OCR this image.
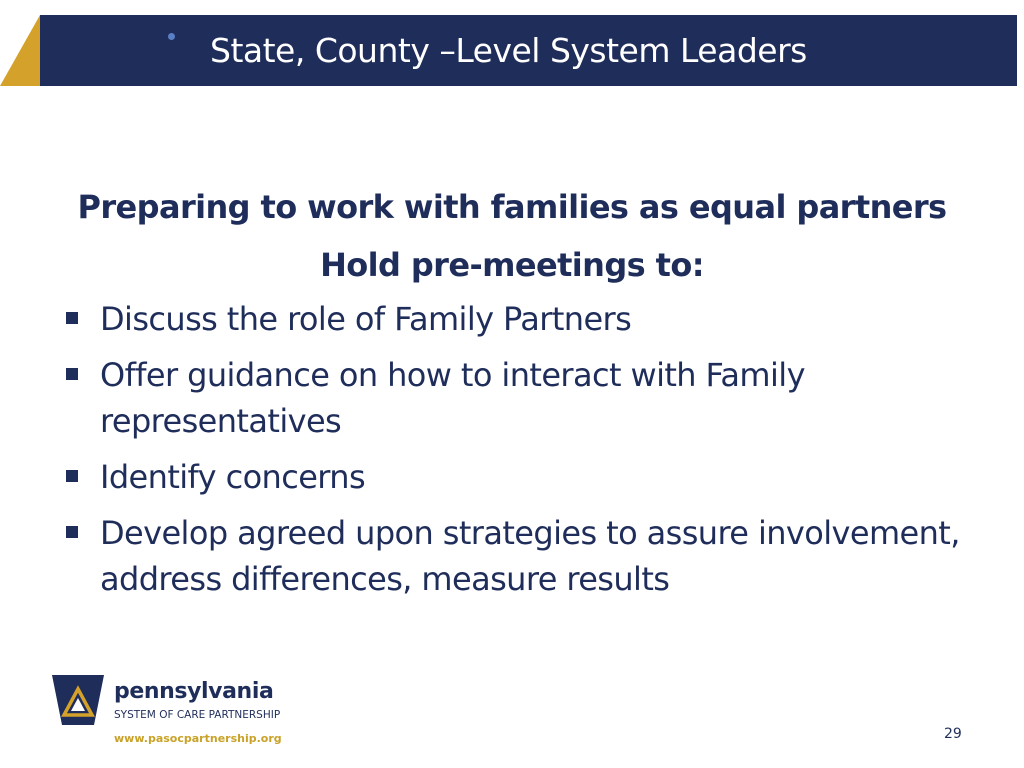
State, County –Level System Leaders
Preparing to work with families as equal partners
Hold pre-meetings to:
Discuss the role of Family Partners
Offer guidance on how to interact with Family representatives
Identify concerns
Develop agreed upon strategies to assure involvement, address differences, measure results
pennsylvania
SYSTEM OF CARE PARTNERSHIP
www.pasocpartnership.org	29
